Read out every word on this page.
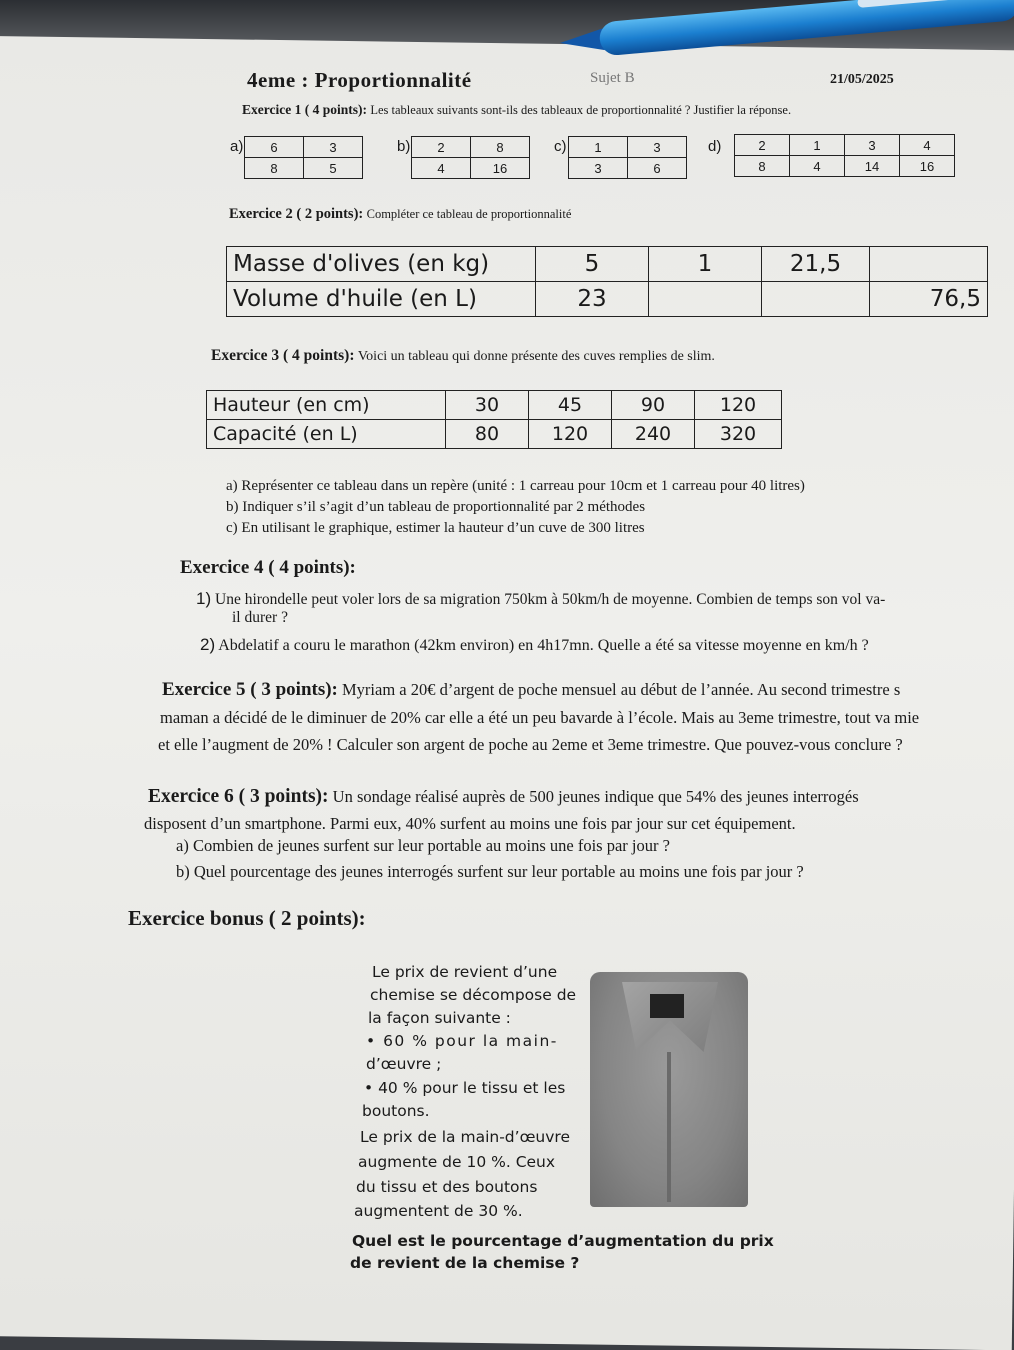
4eme : Proportionnalité	Sujet B	21/05/2025
Exercice 1 ( 4 points): Les tableaux suivants sont-ils des tableaux de proportionnalité ? Justifier la réponse.
a) 6	3
8	5
b) 2	8
4	16
c) 1	3
3	6
d)	2	1	3	4
8	4	14	16
Exercice 2 ( 2 points): Compléter ce tableau de proportionnalité
Masse d'olives (en kg)	5	1	21,5	
Volume d'huile (en L)	23			76,5
Exercice 3 ( 4 points): Voici un tableau qui donne présente des cuves remplies de slim.
Hauteur (en cm)	30	45	90	120
Capacité (en L)	80	120	240	320
a) Représenter ce tableau dans un repère (unité : 1 carreau pour 10cm et 1 carreau pour 40 litres)
b) Indiquer s’il s’agit d’un tableau de proportionnalité par 2 méthodes
c) En utilisant le graphique, estimer la hauteur d’un cuve de 300 litres
Exercice 4 ( 4 points):
1) Une hirondelle peut voler lors de sa migration 750km à 50km/h de moyenne. Combien de temps son vol va-
il durer ?
2) Abdelatif a couru le marathon (42km environ) en 4h17mn. Quelle a été sa vitesse moyenne en km/h ?
Exercice 5 ( 3 points): Myriam a 20€ d’argent de poche mensuel au début de l’année. Au second trimestre s
maman a décidé de le diminuer de 20% car elle a été un peu bavarde à l’école. Mais au 3eme trimestre, tout va mie
et elle l’augment de 20% ! Calculer son argent de poche au 2eme et 3eme trimestre. Que pouvez-vous conclure ?
Exercice 6 ( 3 points): Un sondage réalisé auprès de 500 jeunes indique que 54% des jeunes interrogés
disposent d’un smartphone. Parmi eux, 40% surfent au moins une fois par jour sur cet équipement.
a) Combien de jeunes surfent sur leur portable au moins une fois par jour ?
b) Quel pourcentage des jeunes interrogés surfent sur leur portable au moins une fois par jour ?
Exercice bonus ( 2 points):
Le prix de revient d’une
chemise se décompose de
la façon suivante :
• 60 % pour la main-
d’œuvre ;
• 40 % pour le tissu et les
boutons.
Le prix de la main-d’œuvre
augmente de 10 %. Ceux
du tissu et des boutons
augmentent de 30 %.
Quel est le pourcentage d’augmentation du prix
de revient de la chemise ?
